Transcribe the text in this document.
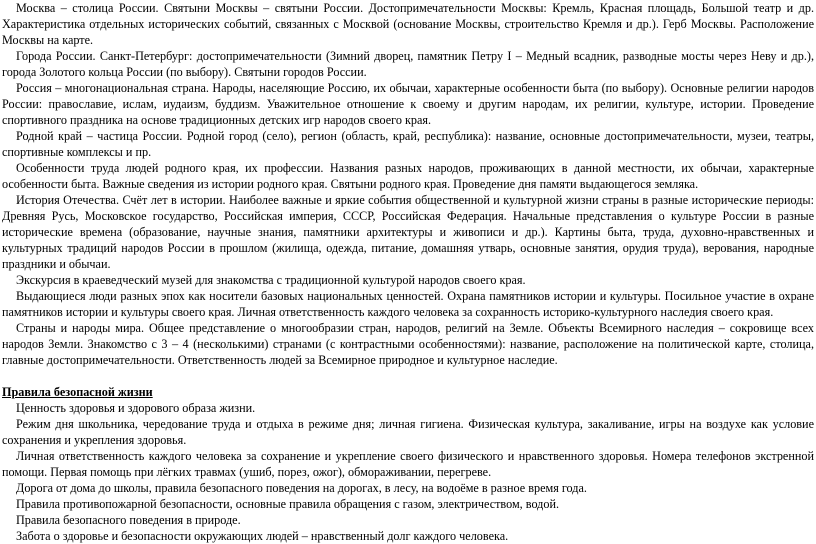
Москва – столица России. Святыни Москвы – святыни России. Достопримечательности Москвы: Кремль, Красная площадь, Большой театр и др. Характеристика отдельных исторических событий, связанных с Москвой (основание Москвы, строительство Кремля и др.). Герб Москвы. Расположение Москвы на карте.

Города России. Санкт-Петербург: достопримечательности (Зимний дворец, памятник Петру I – Медный всадник, разводные мосты через Неву и др.), города Золотого кольца России (по выбору). Святыни городов России.

Россия – многонациональная страна. Народы, населяющие Россию, их обычаи, характерные особенности быта (по выбору). Основные религии народов России: православие, ислам, иудаизм, буддизм. Уважительное отношение к своему и другим народам, их религии, культуре, истории. Проведение спортивного праздника на основе традиционных детских игр народов своего края.

Родной край – частица России. Родной город (село), регион (область, край, республика): название, основные достопримечательности, музеи, театры, спортивные комплексы и пр.

Особенности труда людей родного края, их профессии. Названия разных народов, проживающих в данной местности, их обычаи, характерные особенности быта. Важные сведения из истории родного края. Святыни родного края. Проведение дня памяти выдающегося земляка.

История Отечества. Счёт лет в истории. Наиболее важные и яркие события общественной и культурной жизни страны в разные исторические периоды: Древняя Русь, Московское государство, Российская империя, СССР, Российская Федерация. Начальные представления о культуре России в разные исторические времена (образование, научные знания, памятники архитектуры и живописи и др.). Картины быта, труда, духовно-нравственных и культурных традиций народов России в прошлом (жилища, одежда, питание, домашняя утварь, основные занятия, орудия труда), верования, народные праздники и обычаи.

Экскурсия в краеведческий музей для знакомства с традиционной культурой народов своего края.

Выдающиеся люди разных эпох как носители базовых национальных ценностей. Охрана памятников истории и культуры. Посильное участие в охране памятников истории и культуры своего края. Личная ответственность каждого человека за сохранность историко-культурного наследия своего края.

Страны и народы мира. Общее представление о многообразии стран, народов, религий на Земле. Объекты Всемирного наследия – сокровище всех народов Земли. Знакомство с 3 – 4 (несколькими) странами (с контрастными особенностями): название, расположение на политической карте, столица, главные достопримечательности. Ответственность людей за Всемирное природное и культурное наследие.

Правила безопасной жизни

Ценность здоровья и здорового образа жизни.

Режим дня школьника, чередование труда и отдыха в режиме дня; личная гигиена. Физическая культура, закаливание, игры на воздухе как условие сохранения и укрепления здоровья.

Личная ответственность каждого человека за сохранение и укрепление своего физического и нравственного здоровья. Номера телефонов экстренной помощи. Первая помощь при лёгких травмах (ушиб, порез, ожог), обмораживании, перегреве.

Дорога от дома до школы, правила безопасного поведения на дорогах, в лесу, на водоёме в разное время года.

Правила противопожарной безопасности, основные правила обращения с газом, электричеством, водой.

Правила безопасного поведения в природе.

Забота о здоровье и безопасности окружающих людей – нравственный долг каждого человека.
